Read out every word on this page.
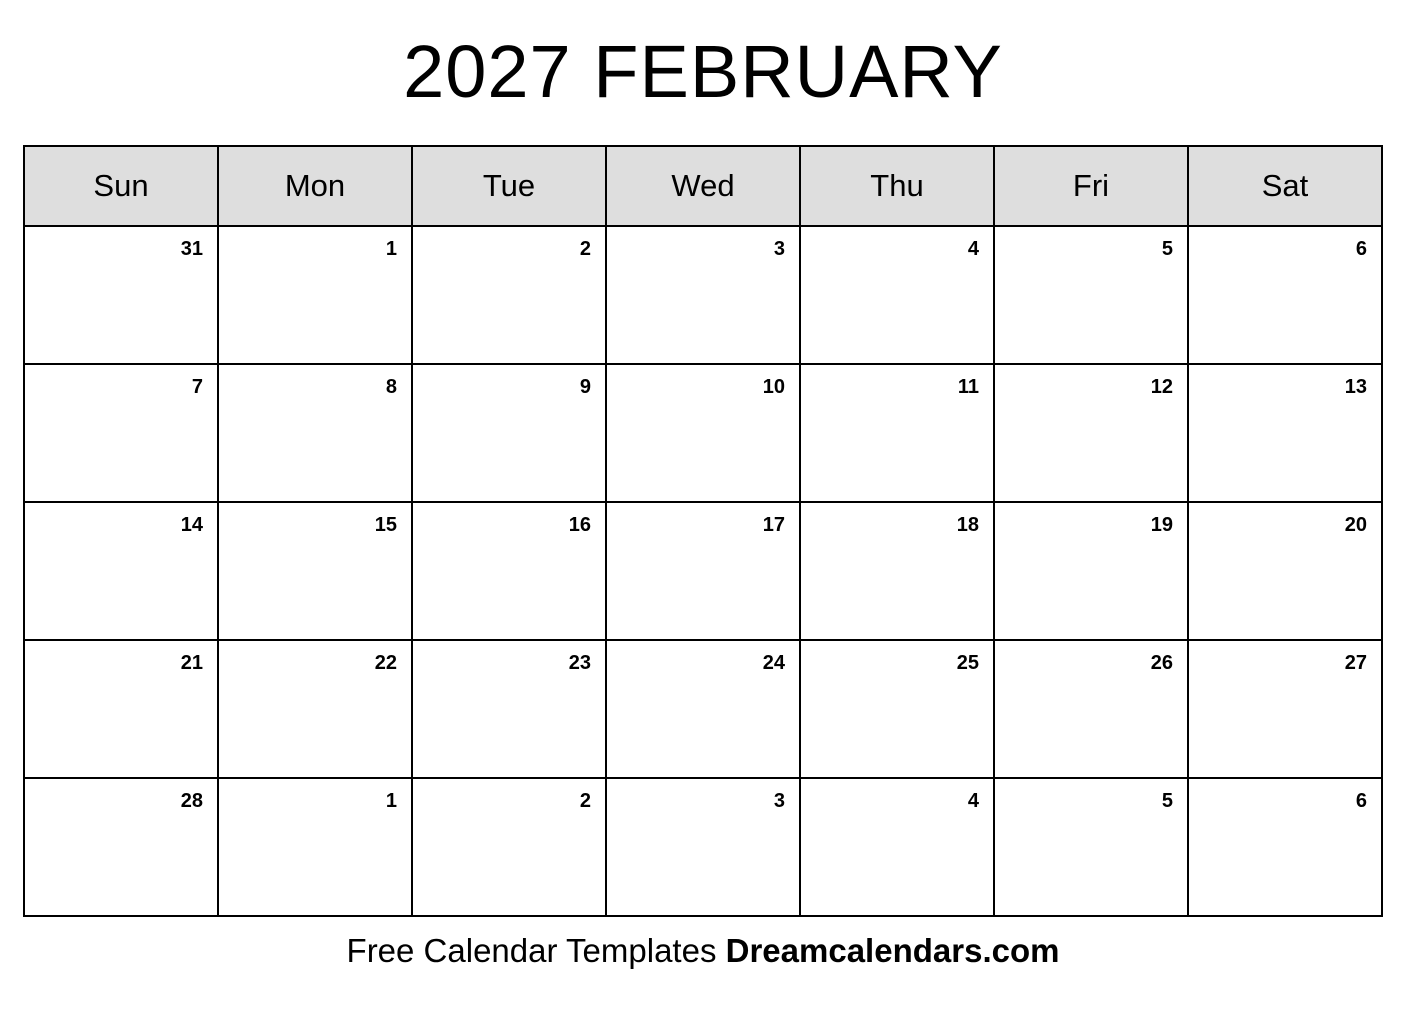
2027 FEBRUARY
Sun	Mon	Tue	Wed	Thu	Fri	Sat

31	1	2	3	4	5	6

7	8	9	10	11	12	13

14	15	16	17	18	19	20

21	22	23	24	25	26	27

28	1	2	3	4	5	6
Free Calendar Templates Dreamcalendars.com
